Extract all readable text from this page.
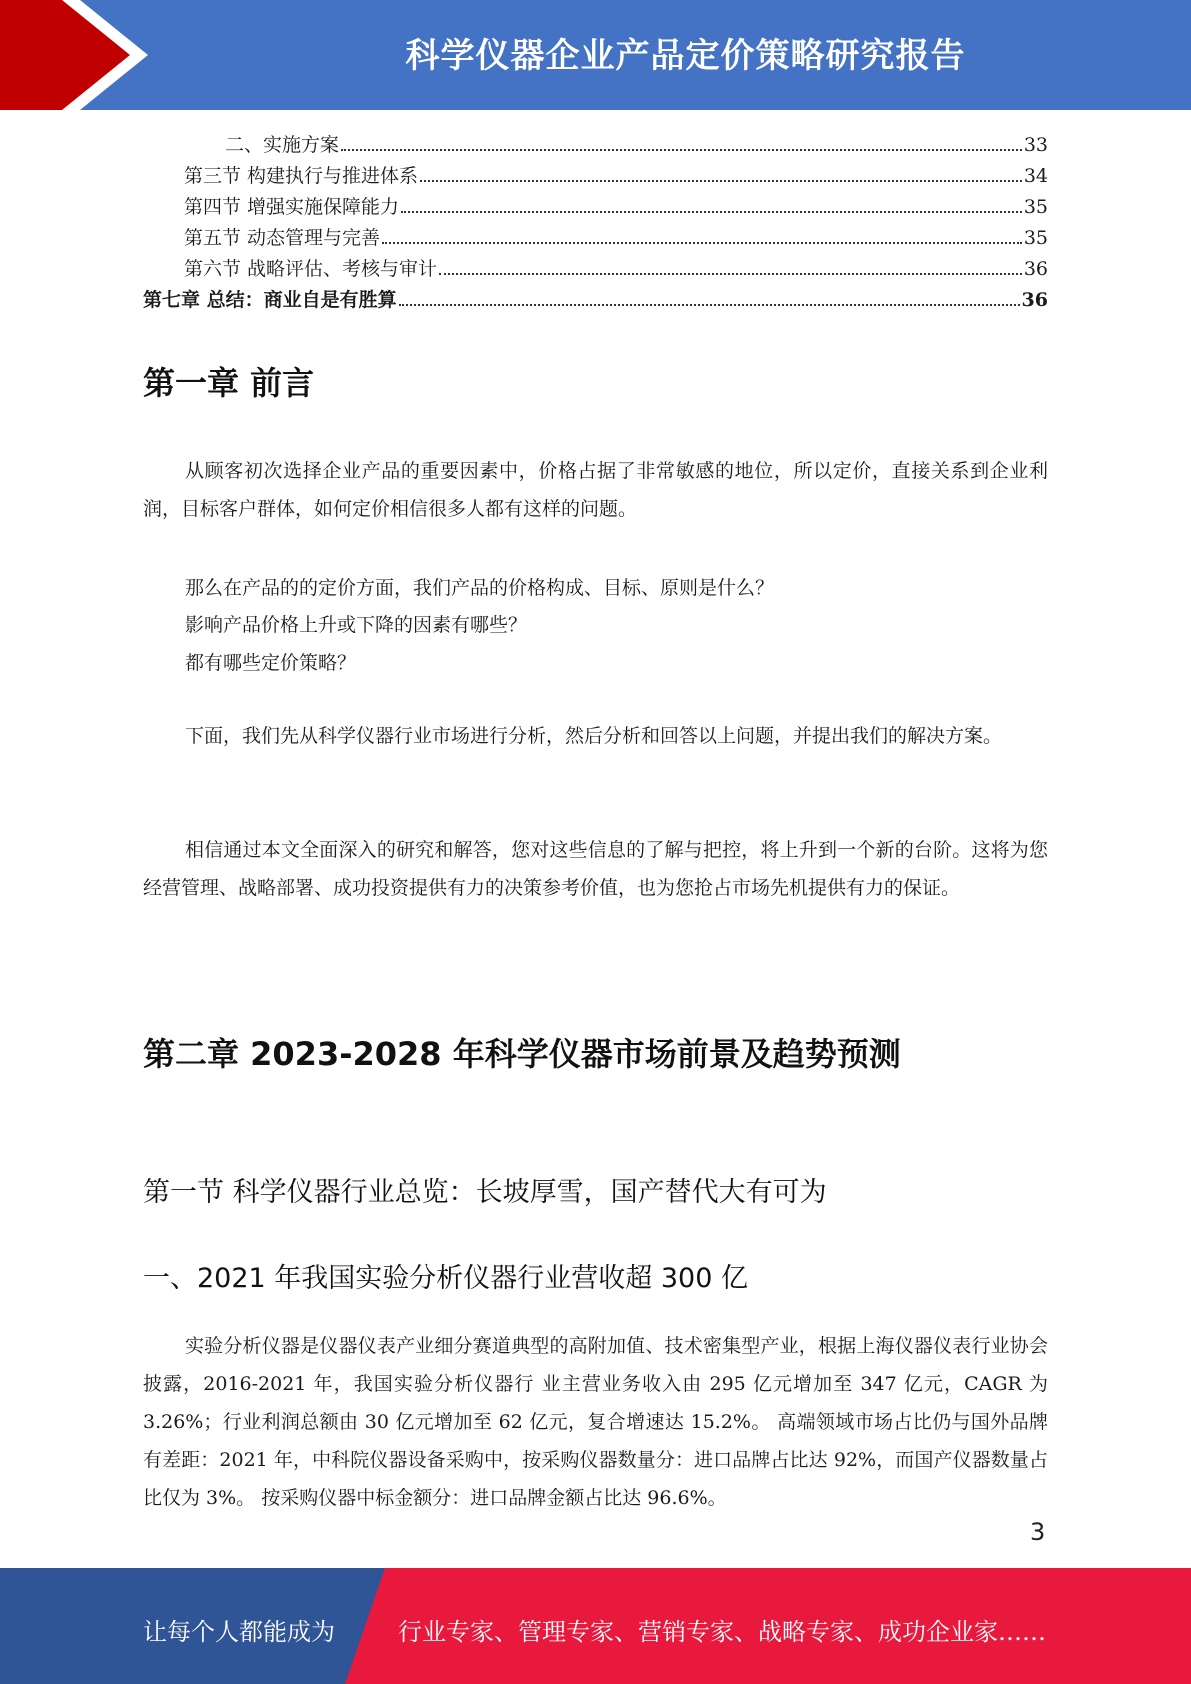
科学仪器企业产品定价策略研究报告
二、实施方案	33
第三节 构建执行与推进体系	34
第四节 增强实施保障能力	35
第五节 动态管理与完善	35
第六节 战略评估、考核与审计	36
第七章 总结：商业自是有胜算	36
第一章 前言

从顾客初次选择企业产品的重要因素中，价格占据了非常敏感的地位，所以定价，直接关系到企业利润，目标客户群体，如何定价相信很多人都有这样的问题。

那么在产品的的定价方面，我们产品的价格构成、目标、原则是什么？

影响产品价格上升或下降的因素有哪些？

都有哪些定价策略？

下面，我们先从科学仪器行业市场进行分析，然后分析和回答以上问题，并提出我们的解决方案。

相信通过本文全面深入的研究和解答，您对这些信息的了解与把控，将上升到一个新的台阶。这将为您经营管理、战略部署、成功投资提供有力的决策参考价值，也为您抢占市场先机提供有力的保证。

第二章 2023-2028 年科学仪器市场前景及趋势预测
第一节 科学仪器行业总览：长坡厚雪，国产替代大有可为
一、2021 年我国实验分析仪器行业营收超 300 亿

实验分析仪器是仪器仪表产业细分赛道典型的高附加值、技术密集型产业，根据上海仪器仪表行业协会披露，2016-2021 年，我国实验分析仪器行 业主营业务收入由 295 亿元增加至 347 亿元，CAGR 为 3.26%；行业利润总额由 30 亿元增加至 62 亿元，复合增速达 15.2%。 高端领域市场占比仍与国外品牌有差距：2021 年，中科院仪器设备采购中，按采购仪器数量分：进口品牌占比达 92%，而国产仪器数量占比仅为 3%。 按采购仪器中标金额分：进口品牌金额占比达 96.6%。

3
让每个人都能成为	行业专家、管理专家、营销专家、战略专家、成功企业家……
